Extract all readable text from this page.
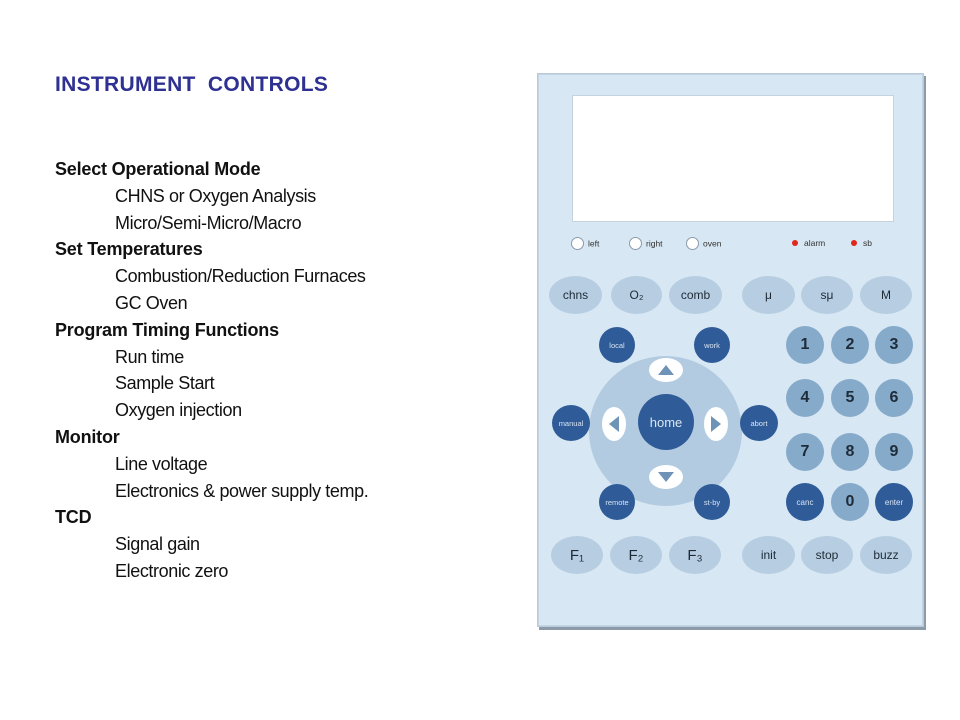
INSTRUMENT  CONTROLS
Select Operational Mode
CHNS or Oxygen Analysis
Micro/Semi-Micro/Macro
Set Temperatures
Combustion/Reduction Furnaces
GC Oven
Program Timing Functions
Run time
Sample Start
Oxygen injection
Monitor
Line voltage
Electronics & power supply temp.
TCD
Signal gain
Electronic zero
left	right	oven	alarm	sb
chns	O₂	comb	μ	sμ	M
local	work
manual	abort
remote	st-by
home
1	2	3
4	5	6
7	8	9
canc	0	enter
F₁	F₂	F₃	init	stop	buzz
